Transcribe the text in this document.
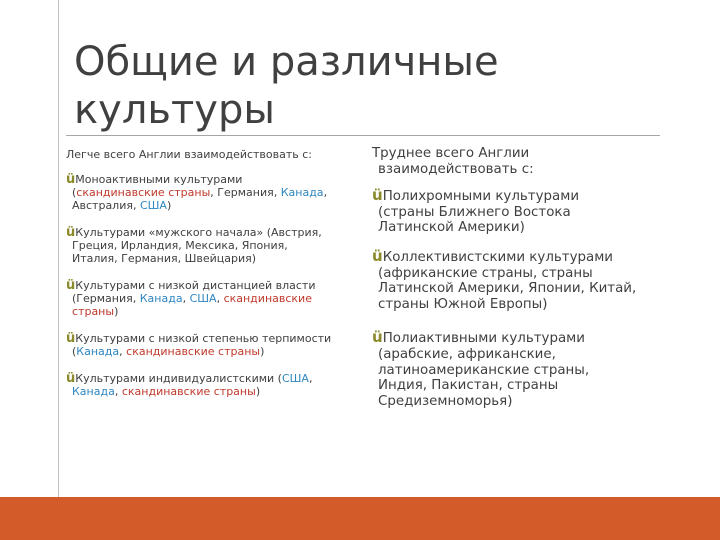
Общие и различные
культуры

Легче всего Англии взаимодействовать с:

üМоноактивными культурами
(скандинавские страны, Германия, Канада,
Австралия, США)
üКультурами «мужского начала» (Австрия,
Греция, Ирландия, Мексика, Япония,
Италия, Германия, Швейцария)
üКультурами с низкой дистанцией власти
(Германия, Канада, США, скандинавские
страны)
üКультурами с низкой степенью терпимости
(Канада, скандинавские страны)
üКультурами индивидуалистскими (США,
Канада, скандинавские страны)

Труднее всего Англии
взаимодействовать с:

üПолихромными культурами
(страны Ближнего Востока
Латинской Америки)
üКоллективистскими культурами
(африканские страны, страны
Латинской Америки, Японии, Китай,
страны Южной Европы)
üПолиактивными культурами
(арабские, африканские,
латиноамериканские страны,
Индия, Пакистан, страны
Средиземноморья)
